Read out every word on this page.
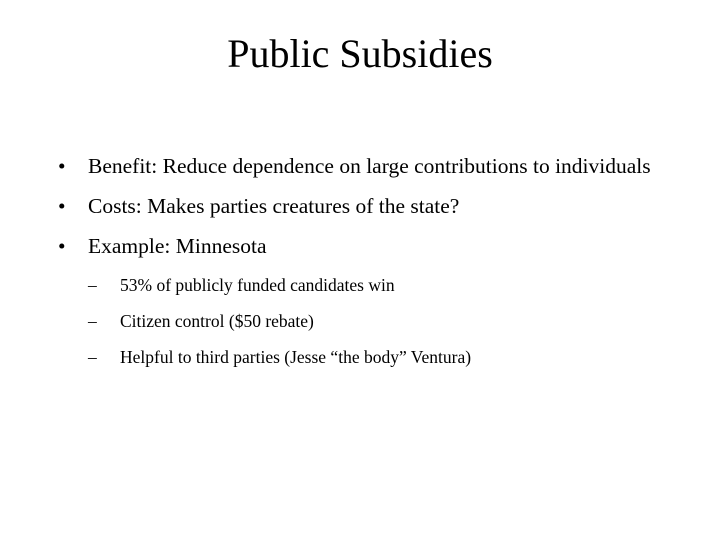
Public Subsidies
•	Benefit: Reduce dependence on large contributions to individuals
•	Costs: Makes parties creatures of the state?
•	Example: Minnesota
–	53% of publicly funded candidates win
–	Citizen control ($50 rebate)
–	Helpful to third parties (Jesse “the body” Ventura)
